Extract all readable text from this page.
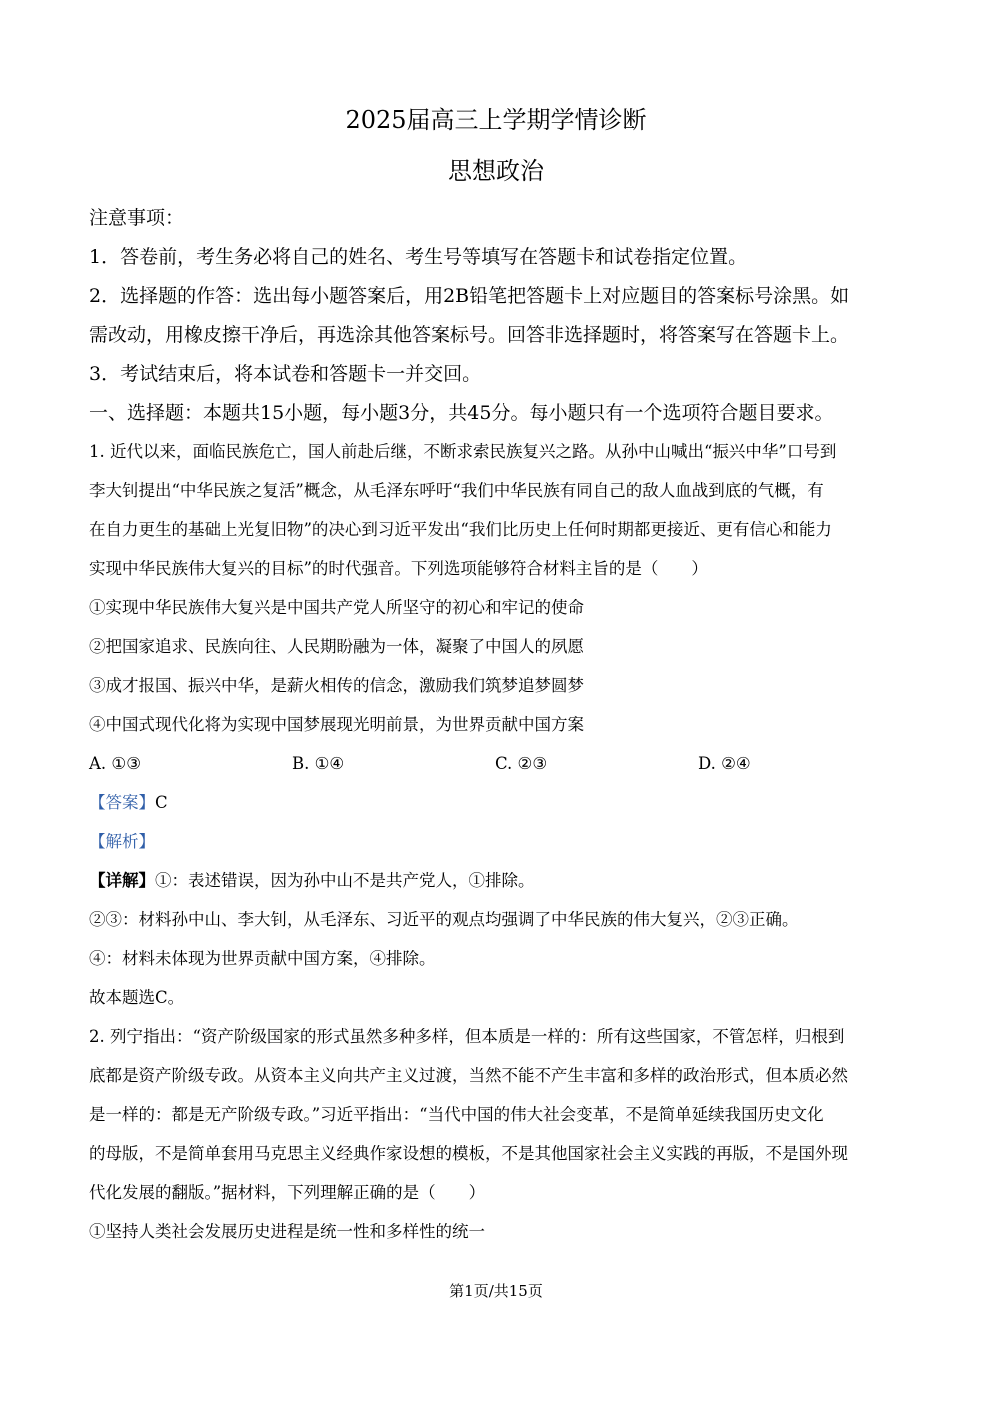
2025届高三上学期学情诊断
思想政治
注意事项：
1．答卷前，考生务必将自己的姓名、考生号等填写在答题卡和试卷指定位置。
2．选择题的作答：选出每小题答案后，用2B铅笔把答题卡上对应题目的答案标号涂黑。如
需改动，用橡皮擦干净后，再选涂其他答案标号。回答非选择题时，将答案写在答题卡上。
3．考试结束后，将本试卷和答题卡一并交回。
一、选择题：本题共15小题，每小题3分，共45分。每小题只有一个选项符合题目要求。
1. 近代以来，面临民族危亡，国人前赴后继，不断求索民族复兴之路。从孙中山喊出“振兴中华”口号到
李大钊提出“中华民族之复活”概念，从毛泽东呼吁“我们中华民族有同自己的敌人血战到底的气概，有
在自力更生的基础上光复旧物”的决心到习近平发出“我们比历史上任何时期都更接近、更有信心和能力
实现中华民族伟大复兴的目标”的时代强音。下列选项能够符合材料主旨的是（　　）
①实现中华民族伟大复兴是中国共产党人所坚守的初心和牢记的使命
②把国家追求、民族向往、人民期盼融为一体，凝聚了中国人的夙愿
③成才报国、振兴中华，是薪火相传的信念，激励我们筑梦追梦圆梦
④中国式现代化将为实现中国梦展现光明前景，为世界贡献中国方案
A. ①③	B. ①④	C. ②③	D. ②④
【答案】C
【解析】
【详解】①：表述错误，因为孙中山不是共产党人，①排除。
②③：材料孙中山、李大钊，从毛泽东、习近平的观点均强调了中华民族的伟大复兴，②③正确。
④：材料未体现为世界贡献中国方案，④排除。
故本题选C。
2. 列宁指出：“资产阶级国家的形式虽然多种多样，但本质是一样的：所有这些国家，不管怎样，归根到
底都是资产阶级专政。从资本主义向共产主义过渡，当然不能不产生丰富和多样的政治形式，但本质必然
是一样的：都是无产阶级专政。”习近平指出：“当代中国的伟大社会变革，不是简单延续我国历史文化
的母版，不是简单套用马克思主义经典作家设想的模板，不是其他国家社会主义实践的再版，不是国外现
代化发展的翻版。”据材料，下列理解正确的是（　　）
①坚持人类社会发展历史进程是统一性和多样性的统一
第1页/共15页
